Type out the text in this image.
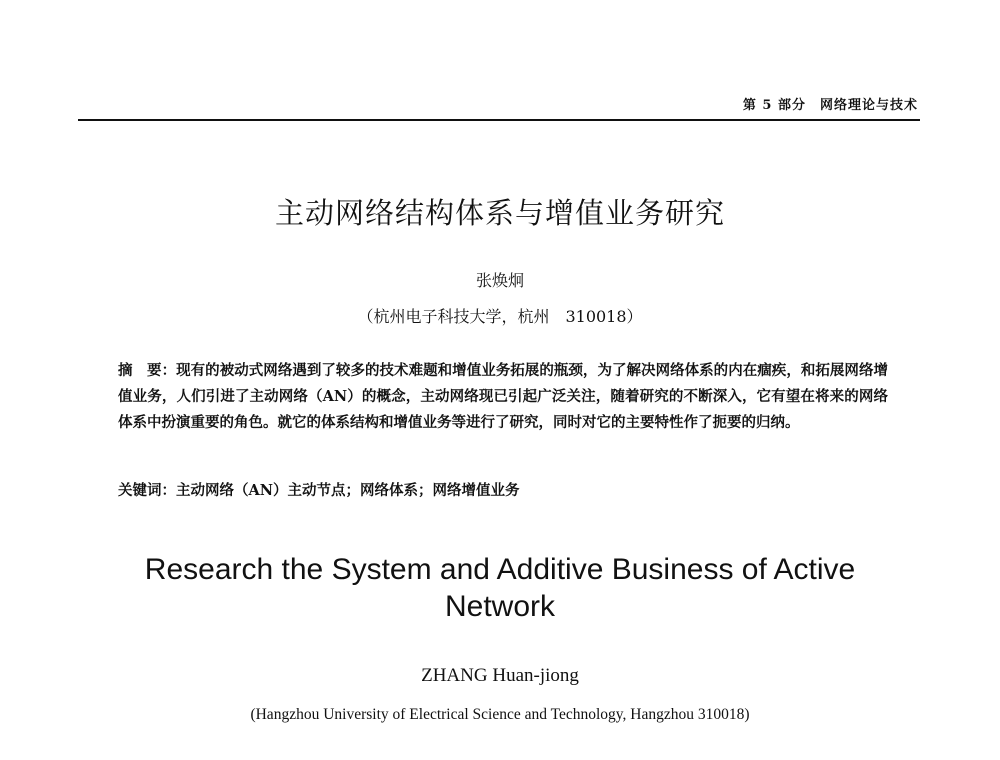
第 5 部分　网络理论与技术
主动网络结构体系与增值业务研究
张焕炯
（杭州电子科技大学，杭州　310018）
摘　要：现有的被动式网络遇到了较多的技术难题和增值业务拓展的瓶颈，为了解决网络体系的内在痼疾，和拓展网络增值业务，人们引进了主动网络（AN）的概念，主动网络现已引起广泛关注，随着研究的不断深入，它有望在将来的网络体系中扮演重要的角色。就它的体系结构和增值业务等进行了研究，同时对它的主要特性作了扼要的归纳。
关键词：主动网络（AN）主动节点；网络体系；网络增值业务
Research the System and Additive Business of Active Network
ZHANG Huan-jiong
(Hangzhou University of Electrical Science and Technology, Hangzhou 310018)
